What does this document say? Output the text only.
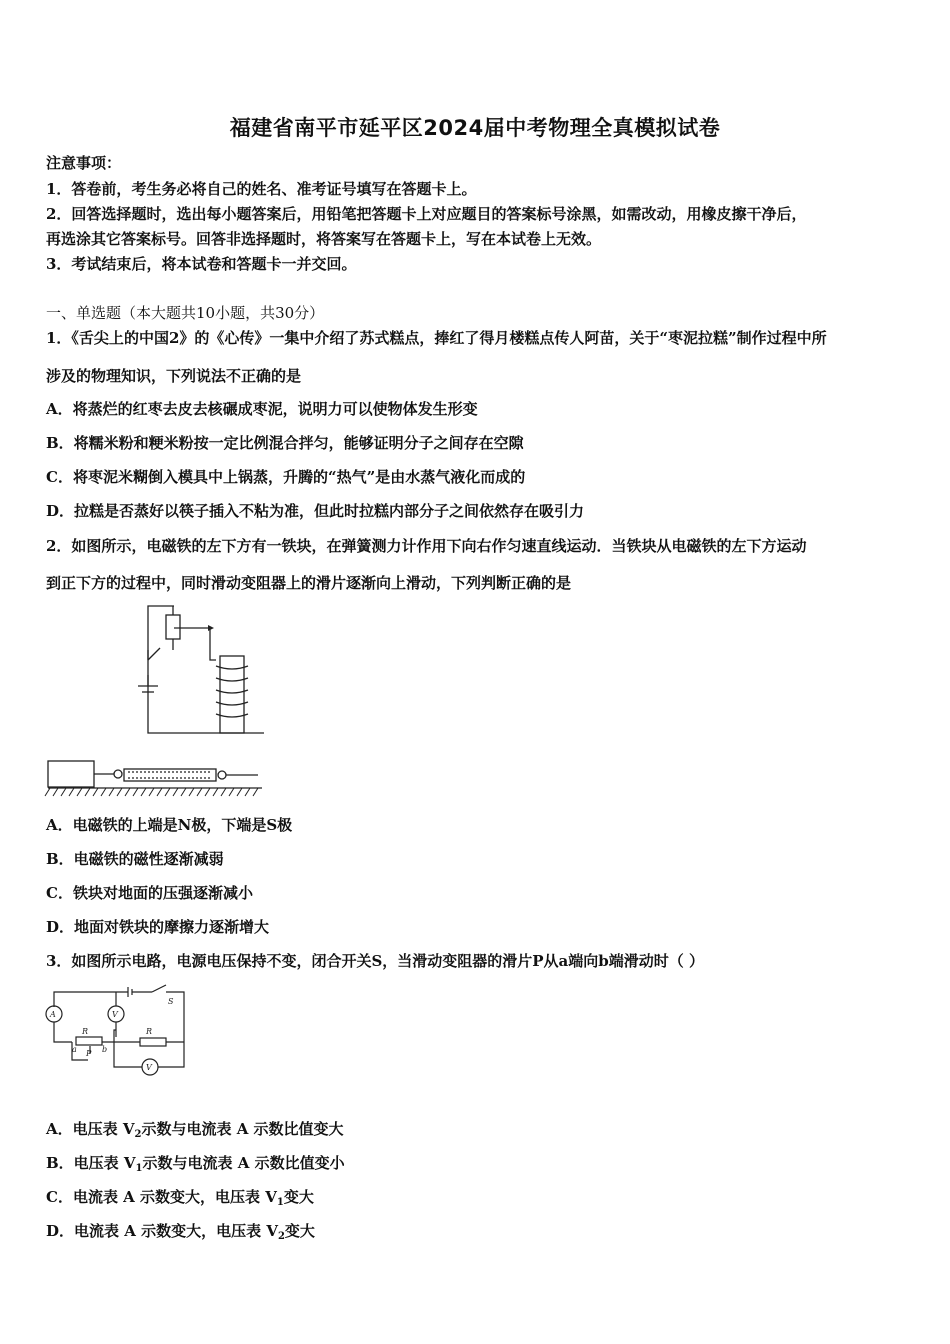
福建省南平市延平区2024届中考物理全真模拟试卷
注意事项：
1．答卷前，考生务必将自己的姓名、准考证号填写在答题卡上。
2．回答选择题时，选出每小题答案后，用铅笔把答题卡上对应题目的答案标号涂黑，如需改动，用橡皮擦干净后，
再选涂其它答案标号。回答非选择题时，将答案写在答题卡上，写在本试卷上无效。
3．考试结束后，将本试卷和答题卡一并交回。
一、单选题（本大题共10小题，共30分）
1．《舌尖上的中国2》的《心传》一集中介绍了苏式糕点，捧红了得月楼糕点传人阿苗，关于“枣泥拉糕”制作过程中所
涉及的物理知识，下列说法不正确的是
A．将蒸烂的红枣去皮去核碾成枣泥，说明力可以使物体发生形变
B．将糯米粉和粳米粉按一定比例混合拌匀，能够证明分子之间存在空隙
C．将枣泥米糊倒入模具中上锅蒸，升腾的“热气”是由水蒸气液化而成的
D．拉糕是否蒸好以筷子插入不粘为准，但此时拉糕内部分子之间依然存在吸引力
2．如图所示，电磁铁的左下方有一铁块，在弹簧测力计作用下向右作匀速直线运动．当铁块从电磁铁的左下方运动
到正下方的过程中，同时滑动变阻器上的滑片逐渐向上滑动，下列判断正确的是
A．电磁铁的上端是N极，下端是S极
B．电磁铁的磁性逐渐减弱
C．铁块对地面的压强逐渐减小
D．地面对铁块的摩擦力逐渐增大
3．如图所示电路，电源电压保持不变，闭合开关S，当滑动变阻器的滑片P从a端向b端滑动时（ ）
A	V
V
R	R
S
P
a	b
A．电压表 $V_2$示数与电流表 A 示数比值变大
B．电压表 $V_1$示数与电流表 A 示数比值变小
C．电流表 A 示数变大，电压表 $V_1$变大
D．电流表 A 示数变大，电压表 $V_2$变大
